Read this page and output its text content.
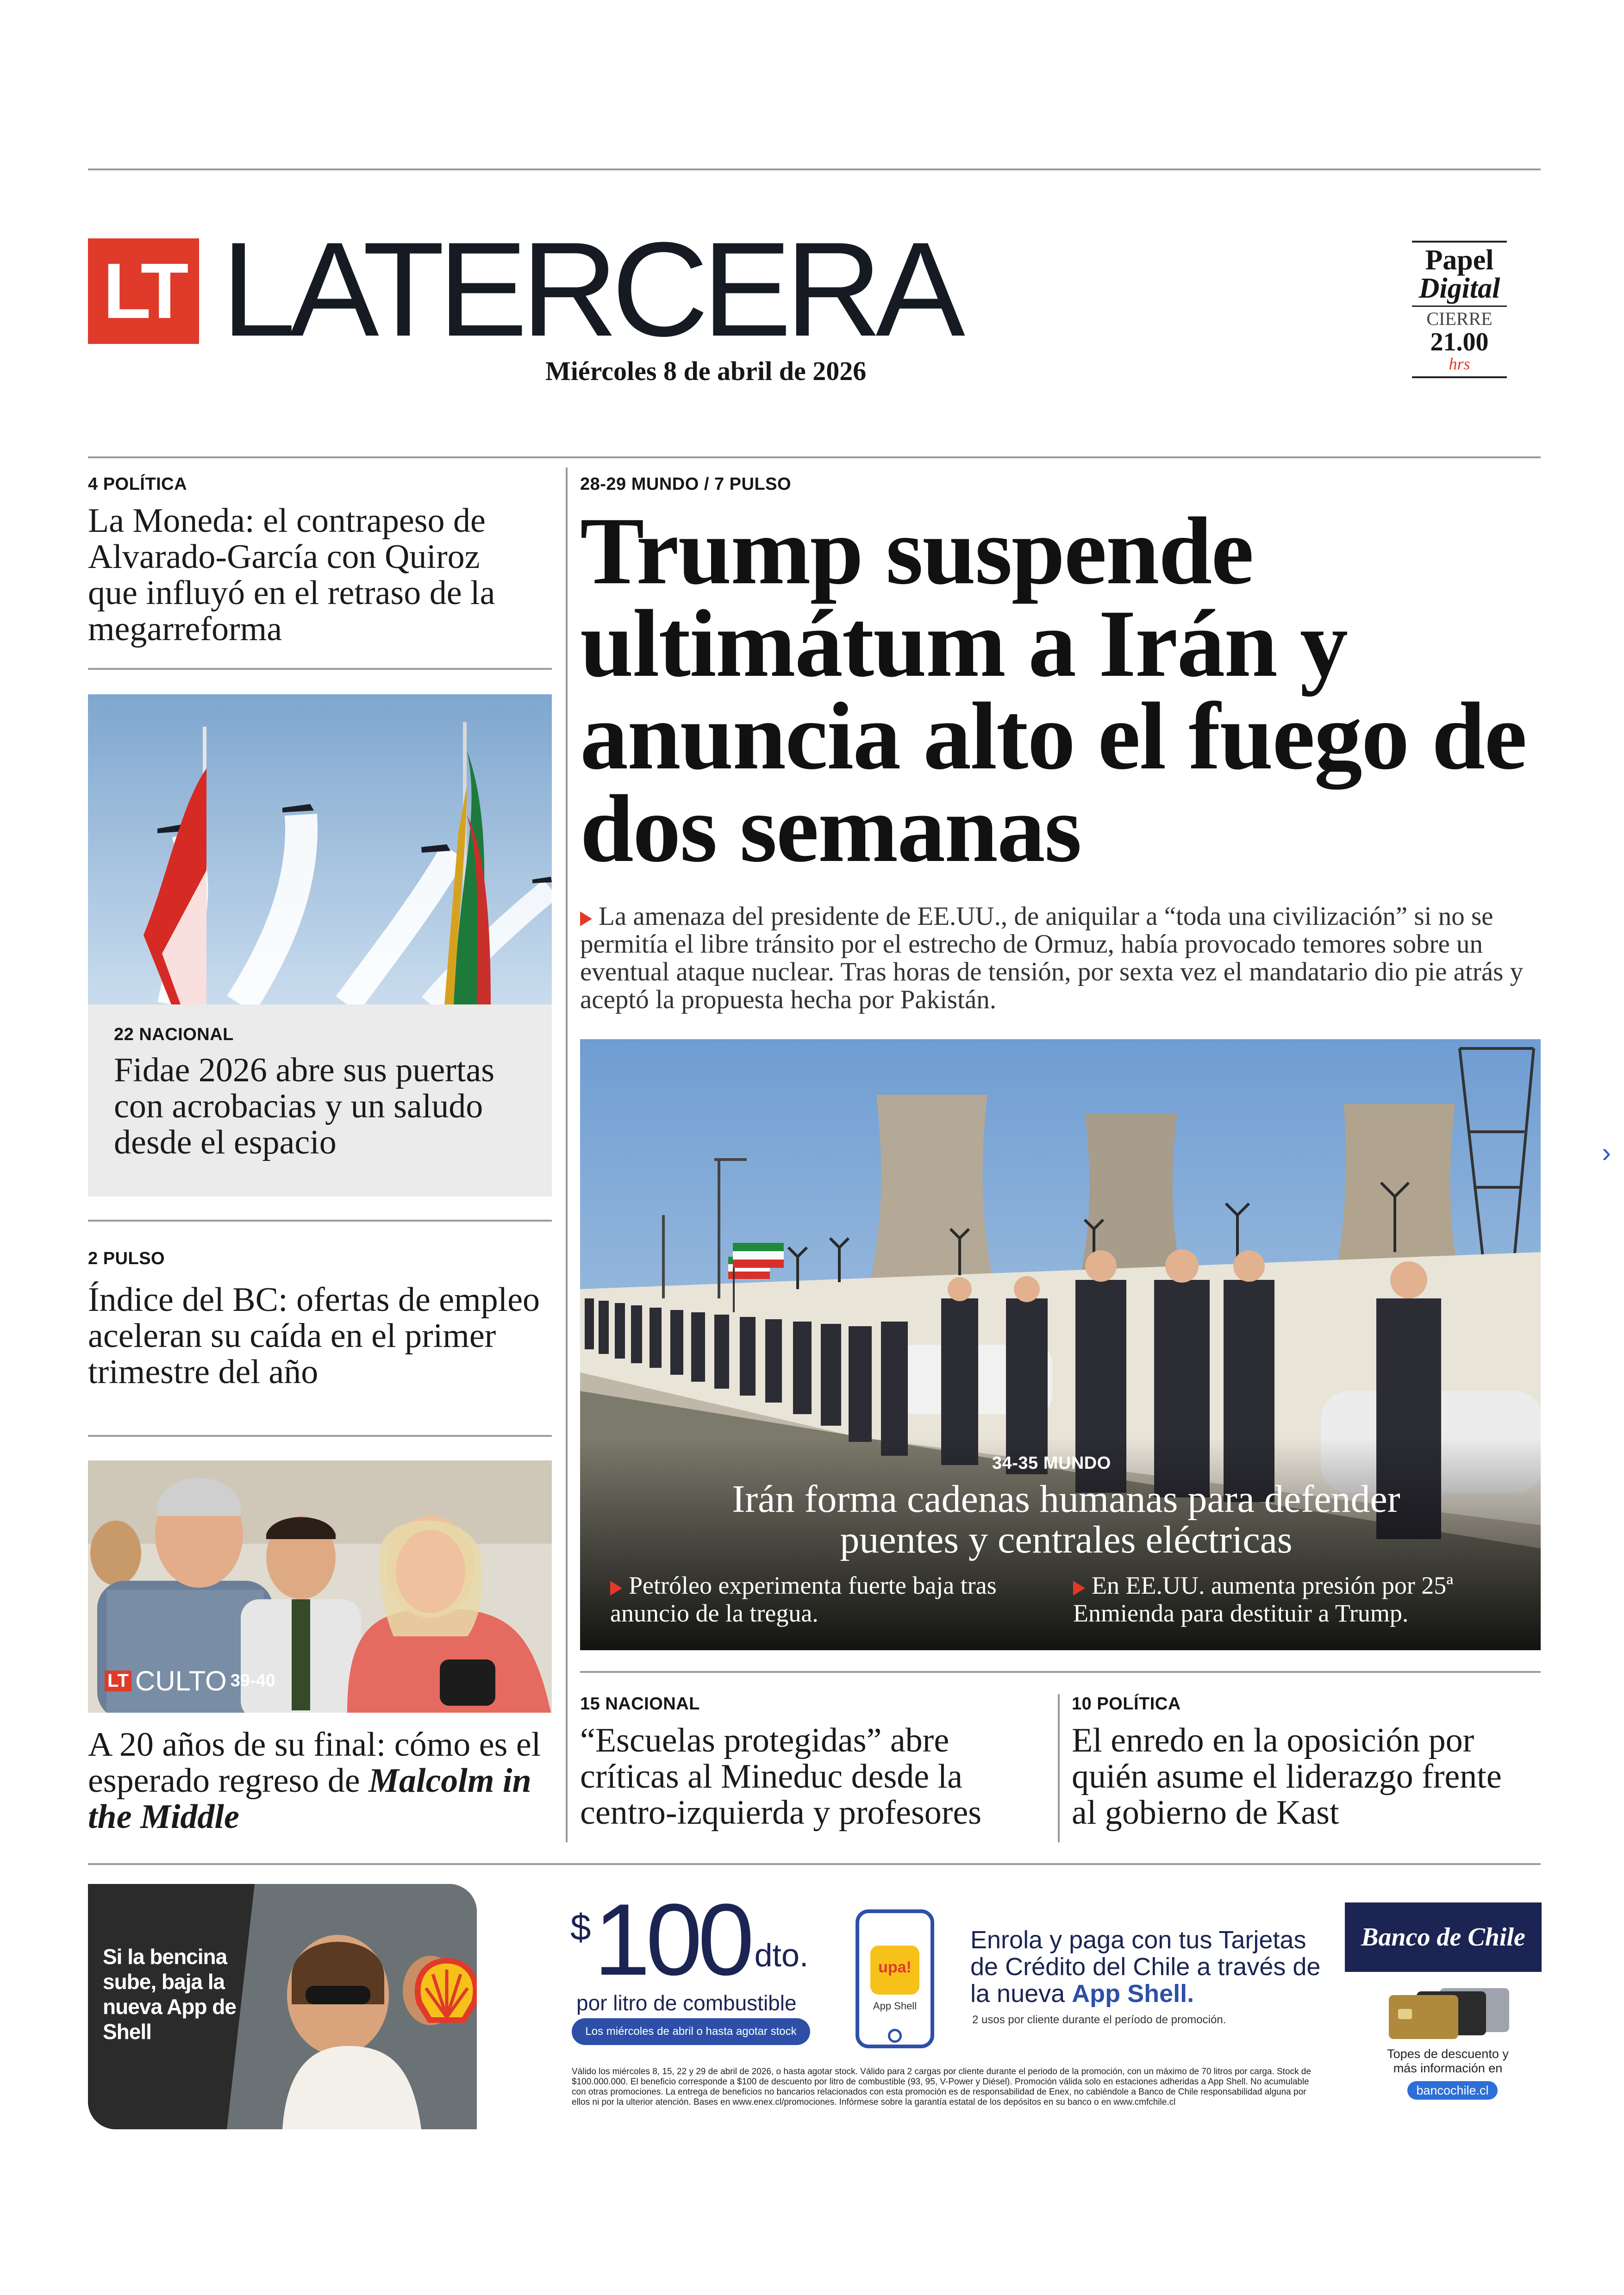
LT LATERCERA
Miércoles 8 de abril de 2026
Papel
Digital
CIERRE
21.00
hrs
4 POLÍTICA
La Moneda: el contrapeso de Alvarado-García con Quiroz que influyó en el retraso de la megarreforma
22 NACIONAL
Fidae 2026 abre sus puertas con acrobacias y un saludo desde el espacio
2 PULSO
Índice del BC: ofertas de empleo aceleran su caída en el primer trimestre del año
LT CULTO 39-40
A 20 años de su final: cómo es el esperado regreso de Malcolm in the Middle
28-29 MUNDO / 7 PULSO
Trump suspende ultimátum a Irán y anuncia alto el fuego de dos semanas
La amenaza del presidente de EE.UU., de aniquilar a “toda una civilización” si no se permitía el libre tránsito por el estrecho de Ormuz, había provocado temores sobre un eventual ataque nuclear. Tras horas de tensión, por sexta vez el mandatario dio pie atrás y aceptó la propuesta hecha por Pakistán.
34-35 MUNDO
Irán forma cadenas humanas para defender puentes y centrales eléctricas
Petróleo experimenta fuerte baja tras anuncio de la tregua.
En EE.UU. aumenta presión por 25ª Enmienda para destituir a Trump.
15 NACIONAL
“Escuelas protegidas” abre críticas al Mineduc desde la centro-izquierda y profesores
10 POLÍTICA
El enredo en la oposición por quién asume el liderazgo frente al gobierno de Kast
Si la bencina sube, baja la nueva App de Shell
$ 100 dto.
por litro de combustible
Los miércoles de abril o hasta agotar stock
upa!
App Shell
Enrola y paga con tus Tarjetas de Crédito del Chile a través de la nueva App Shell.
2 usos por cliente durante el período de promoción.
Válido los miércoles 8, 15, 22 y 29 de abril de 2026, o hasta agotar stock. Válido para 2 cargas por cliente durante el periodo de la promoción, con un máximo de 70 litros por carga. Stock de $100.000.000. El beneficio corresponde a $100 de descuento por litro de combustible (93, 95, V-Power y Diésel). Promoción válida solo en estaciones adheridas a App Shell. No acumulable con otras promociones. La entrega de beneficios no bancarios relacionados con esta promoción es de responsabilidad de Enex, no cabiéndole a Banco de Chile responsabilidad alguna por ellos ni por la ulterior atención. Bases en www.enex.cl/promociones. Infórmese sobre la garantía estatal de los depósitos en su banco o en www.cmfchile.cl
Banco de Chile
Topes de descuento y más información en
bancochile.cl
›
